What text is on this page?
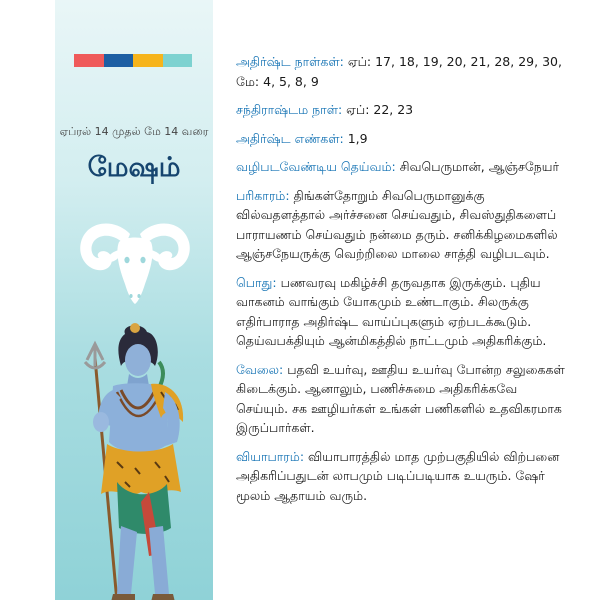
ஏப்ரல் 14 முதல் மே 14 வரை
மேஷம்

அதிர்ஷ்ட நாள்கள்: ஏப்: 17, 18, 19, 20, 21, 28, 29, 30, மே: 4, 5, 8, 9

சந்திராஷ்டம நாள்: ஏப்: 22, 23

அதிர்ஷ்ட எண்கள்: 1,9

வழிபடவேண்டிய தெய்வம்: சிவபெருமான், ஆஞ்சநேயர்

பரிகாரம்: திங்கள்தோறும் சிவபெருமானுக்கு வில்வதளத்தால் அர்ச்சனை செய்வதும், சிவஸ்துதிகளைப் பாராயணம் செய்வதும் நன்மை தரும். சனிக்கிழமைகளில் ஆஞ்சநேயருக்கு வெற்றிலை மாலை சாத்தி வழிபடவும்.

பொது: பணவரவு மகிழ்ச்சி தருவதாக இருக்கும். புதிய வாகனம் வாங்கும் யோகமும் உண்டாகும். சிலருக்கு எதிர்பாராத அதிர்ஷ்ட வாய்ப்புகளும் ஏற்படக்கூடும். தெய்வபக்தியும் ஆன்மிகத்தில் நாட்டமும் அதிகரிக்கும்.

வேலை: பதவி உயர்வு, ஊதிய உயர்வு போன்ற சலுகைகள் கிடைக்கும். ஆனாலும், பணிச்சுமை அதிகரிக்கவே செய்யும். சக ஊழியர்கள் உங்கள் பணிகளில் உதவிகரமாக இருப்பார்கள்.

வியாபாரம்: வியாபாரத்தில் மாத முற்பகுதியில் விற்பனை அதிகரிப்பதுடன் லாபமும் படிப்படியாக உயரும். ஷேர் மூலம் ஆதாயம் வரும்.
